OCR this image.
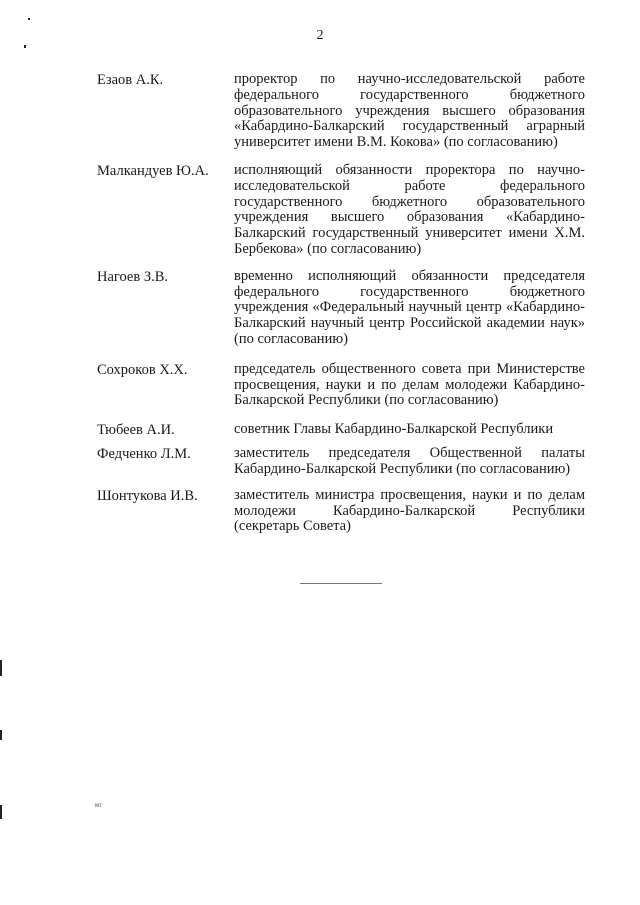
2
Езаов А.К.	проректор по научно-исследовательской работе федерального государственного бюджетного образовательного учреждения высшего образования «Кабардино-Балкарский государственный аграрный университет имени В.М. Кокова» (по согласованию)
Малкандуев Ю.А.	исполняющий обязанности проректора по научно-исследовательской работе федерального государственного бюджетного образовательного учреждения высшего образования «Кабардино-Балкарский государственный университет имени Х.М. Бербекова» (по согласованию)
Нагоев З.В.	временно исполняющий обязанности председателя федерального государственного бюджетного учреждения «Федеральный научный центр «Кабардино-Балкарский научный центр Российской академии наук» (по согласованию)
Сохроков Х.Х.	председатель общественного совета при Министерстве просвещения, науки и по делам молодежи Кабардино-Балкарской Республики (по согласованию)
Тюбеев А.И.	советник Главы Кабардино-Балкарской Республики
Федченко Л.М.	заместитель председателя Общественной палаты Кабардино-Балкарской Республики (по согласованию)
Шонтукова И.В.	заместитель министра просвещения, науки и по делам молодежи Кабардино-Балкарской Республики (секретарь Совета)
мт
